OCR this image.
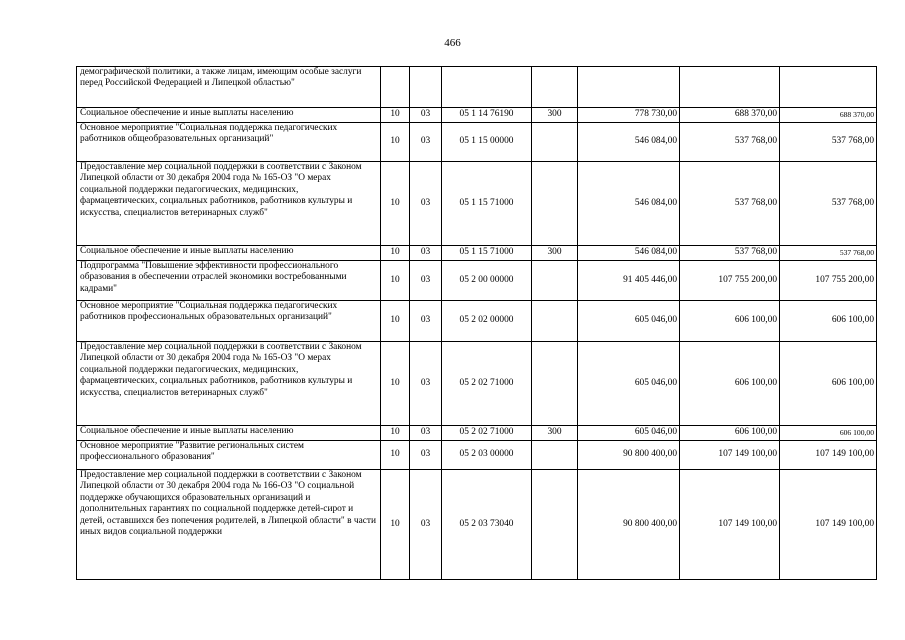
466
демографической политики, а также лицам, имеющим особые заслуги перед Российской Федерацией и Липецкой областью"							
Социальное обеспечение и иные выплаты населению	10	03	05 1 14 76190	300	778 730,00	688 370,00	688 370,00
Основное мероприятие "Социальная поддержка педагогических работников общеобразовательных организаций"	10	03	05 1 15 00000		546 084,00	537 768,00	537 768,00
Предоставление мер социальной поддержки в соответствии с Законом Липецкой области от 30 декабря 2004 года № 165-ОЗ "О мерах социальной поддержки педагогических, медицинских, фармацевтических, социальных работников, работников культуры и искусства, специалистов ветеринарных служб"	10	03	05 1 15 71000		546 084,00	537 768,00	537 768,00
Социальное обеспечение и иные выплаты населению	10	03	05 1 15 71000	300	546 084,00	537 768,00	537 768,00
Подпрограмма "Повышение эффективности профессионального образования в обеспечении отраслей экономики востребованными кадрами"	10	03	05 2 00 00000		91 405 446,00	107 755 200,00	107 755 200,00
Основное мероприятие "Социальная поддержка педагогических работников профессиональных образовательных организаций"	10	03	05 2 02 00000		605 046,00	606 100,00	606 100,00
Предоставление мер социальной поддержки в соответствии с Законом Липецкой области от 30 декабря 2004 года № 165-ОЗ "О мерах социальной поддержки педагогических, медицинских, фармацевтических, социальных работников, работников культуры и искусства, специалистов ветеринарных служб"	10	03	05 2 02 71000		605 046,00	606 100,00	606 100,00
Социальное обеспечение и иные выплаты населению	10	03	05 2 02 71000	300	605 046,00	606 100,00	606 100,00
Основное мероприятие "Развитие региональных систем профессионального образования"	10	03	05 2 03 00000		90 800 400,00	107 149 100,00	107 149 100,00
Предоставление мер социальной поддержки в соответствии с Законом Липецкой области от 30 декабря 2004 года № 166-ОЗ "О социальной поддержке обучающихся образовательных организаций и дополнительных гарантиях по социальной поддержке детей-сирот и детей, оставшихся без попечения родителей, в Липецкой области" в части иных видов социальной поддержки	10	03	05 2 03 73040		90 800 400,00	107 149 100,00	107 149 100,00
